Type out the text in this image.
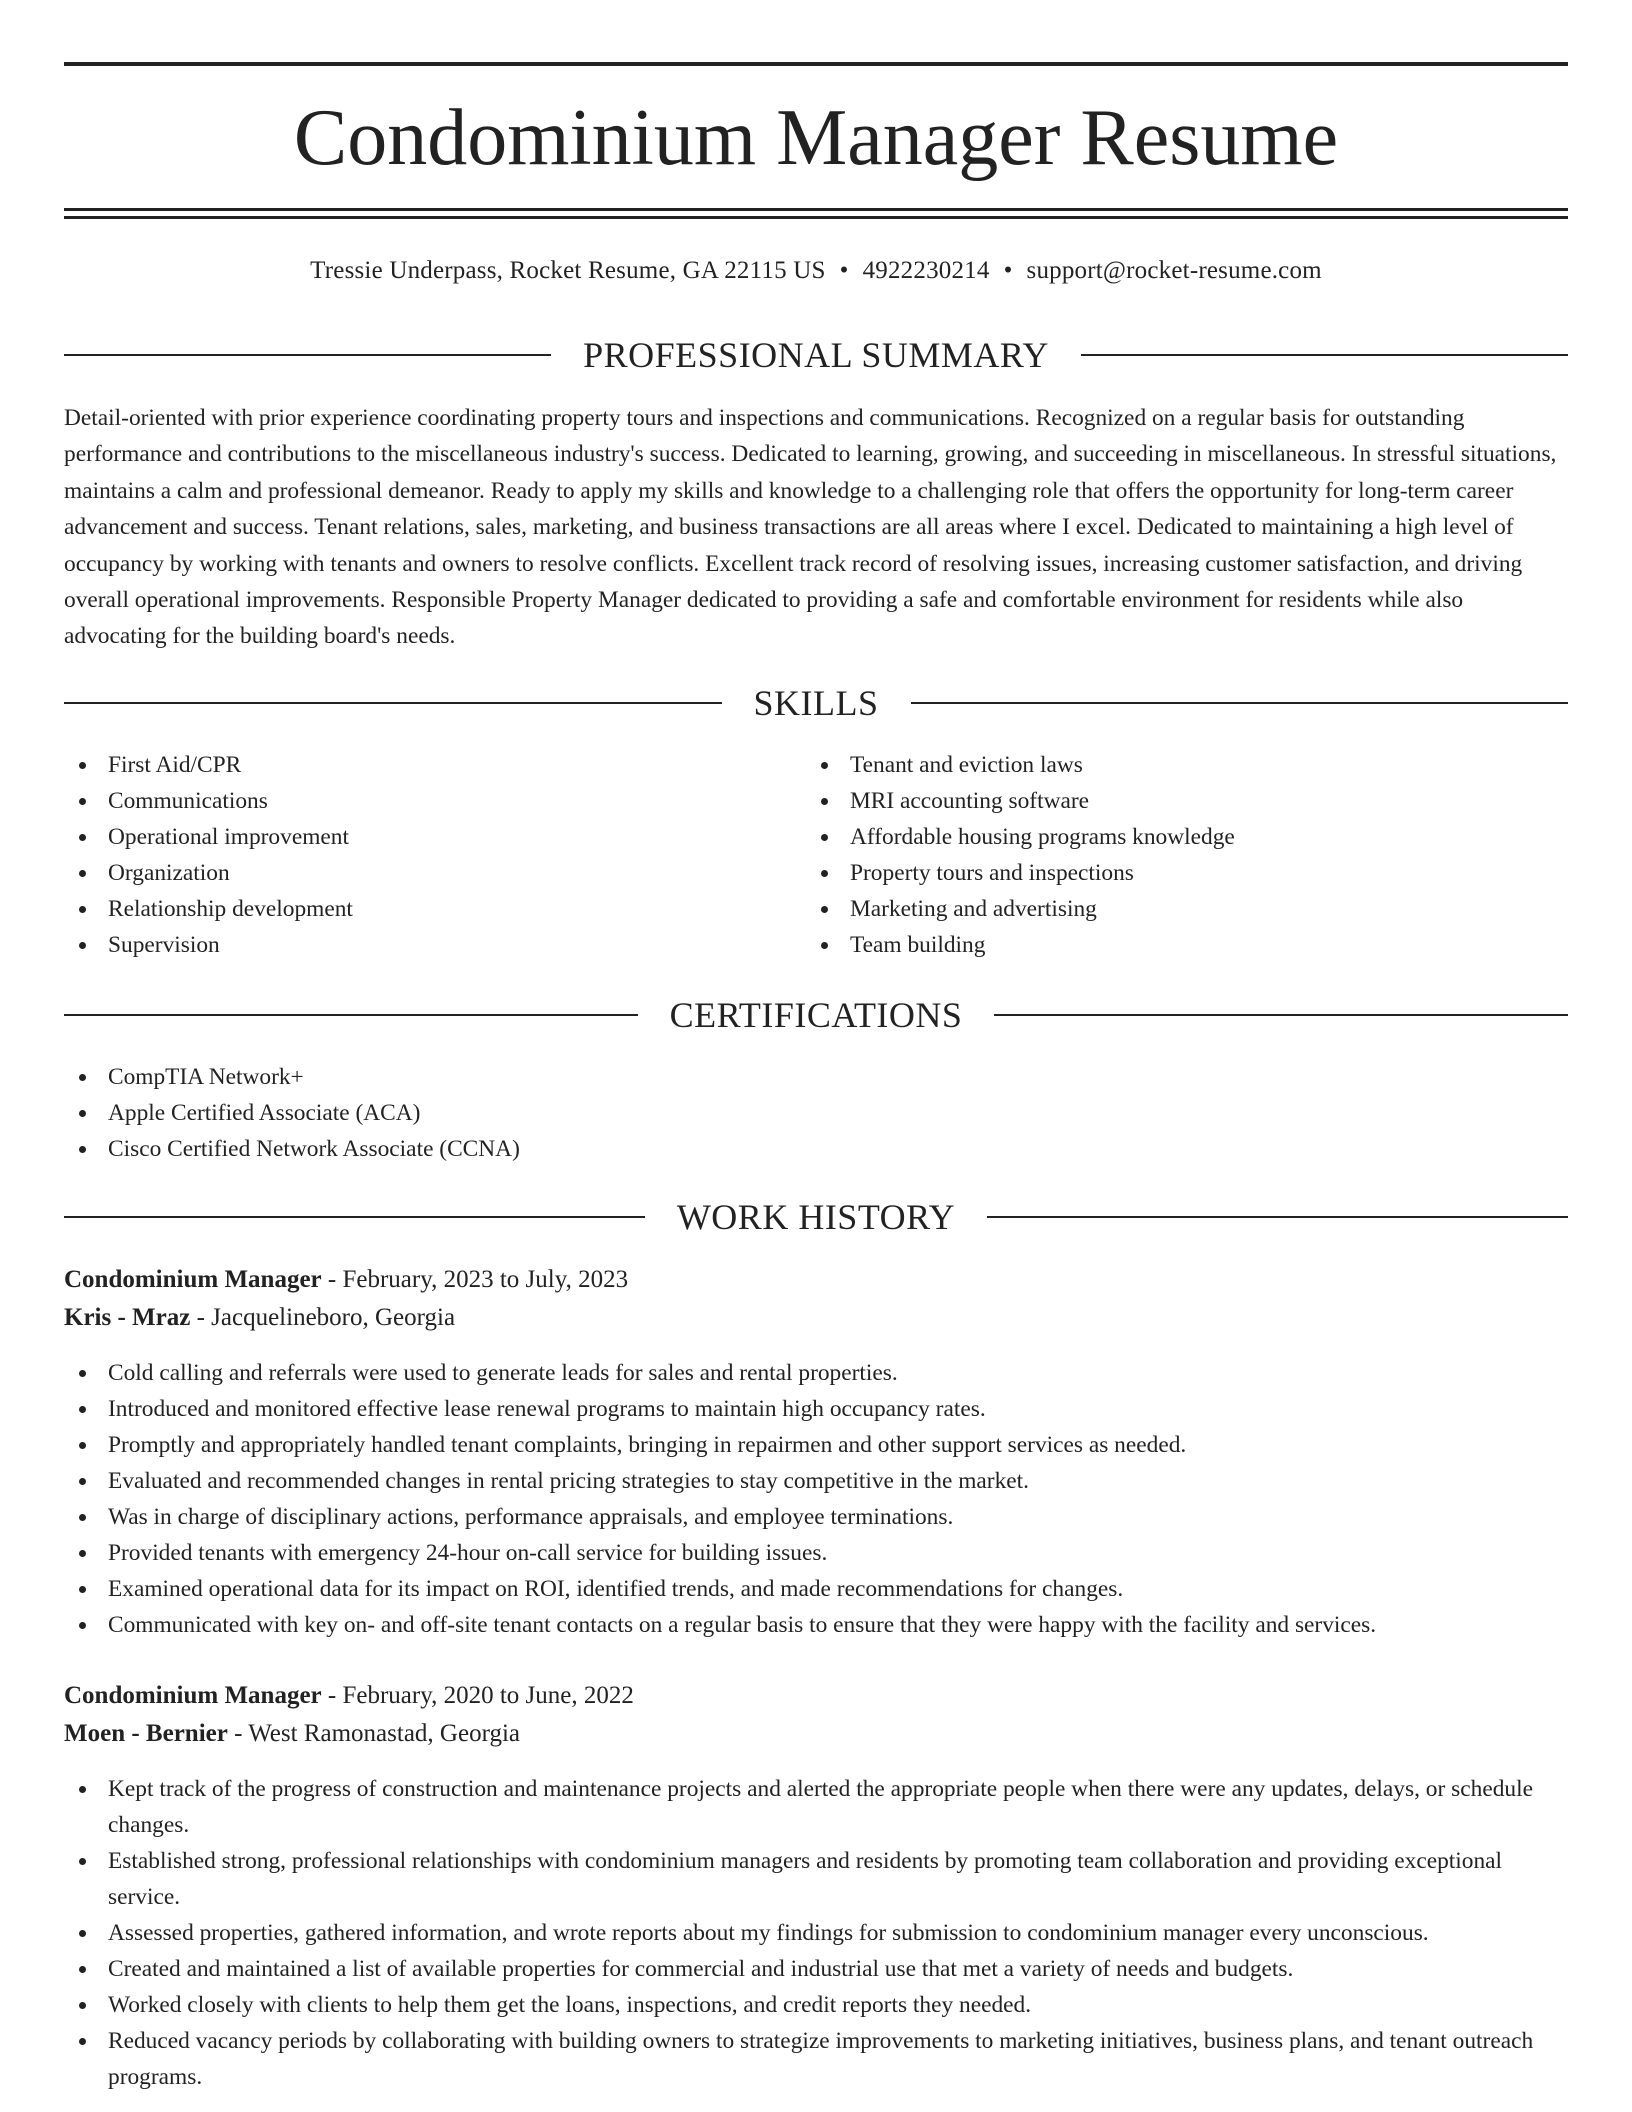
Condominium Manager Resume
Tressie Underpass, Rocket Resume, GA 22115 US • 4922230214 • support@rocket-resume.com
PROFESSIONAL SUMMARY

Detail-oriented with prior experience coordinating property tours and inspections and communications. Recognized on a regular basis for outstanding performance and contributions to the miscellaneous industry's success. Dedicated to learning, growing, and succeeding in miscellaneous. In stressful situations, maintains a calm and professional demeanor. Ready to apply my skills and knowledge to a challenging role that offers the opportunity for long-term career advancement and success. Tenant relations, sales, marketing, and business transactions are all areas where I excel. Dedicated to maintaining a high level of occupancy by working with tenants and owners to resolve conflicts. Excellent track record of resolving issues, increasing customer satisfaction, and driving overall operational improvements. Responsible Property Manager dedicated to providing a safe and comfortable environment for residents while also advocating for the building board's needs.

SKILLS
First Aid/CPR
Communications
Operational improvement
Organization
Relationship development
Supervision
Tenant and eviction laws
MRI accounting software
Affordable housing programs knowledge
Property tours and inspections
Marketing and advertising
Team building
CERTIFICATIONS
CompTIA Network+
Apple Certified Associate (ACA)
Cisco Certified Network Associate (CCNA)
WORK HISTORY
Condominium Manager - February, 2023 to July, 2023
Kris - Mraz - Jacquelineboro, Georgia
Cold calling and referrals were used to generate leads for sales and rental properties.
Introduced and monitored effective lease renewal programs to maintain high occupancy rates.
Promptly and appropriately handled tenant complaints, bringing in repairmen and other support services as needed.
Evaluated and recommended changes in rental pricing strategies to stay competitive in the market.
Was in charge of disciplinary actions, performance appraisals, and employee terminations.
Provided tenants with emergency 24-hour on-call service for building issues.
Examined operational data for its impact on ROI, identified trends, and made recommendations for changes.
Communicated with key on- and off-site tenant contacts on a regular basis to ensure that they were happy with the facility and services.
Condominium Manager - February, 2020 to June, 2022
Moen - Bernier - West Ramonastad, Georgia
Kept track of the progress of construction and maintenance projects and alerted the appropriate people when there were any updates, delays, or schedule changes.
Established strong, professional relationships with condominium managers and residents by promoting team collaboration and providing exceptional service.
Assessed properties, gathered information, and wrote reports about my findings for submission to condominium manager every unconscious.
Created and maintained a list of available properties for commercial and industrial use that met a variety of needs and budgets.
Worked closely with clients to help them get the loans, inspections, and credit reports they needed.
Reduced vacancy periods by collaborating with building owners to strategize improvements to marketing initiatives, business plans, and tenant outreach programs.
